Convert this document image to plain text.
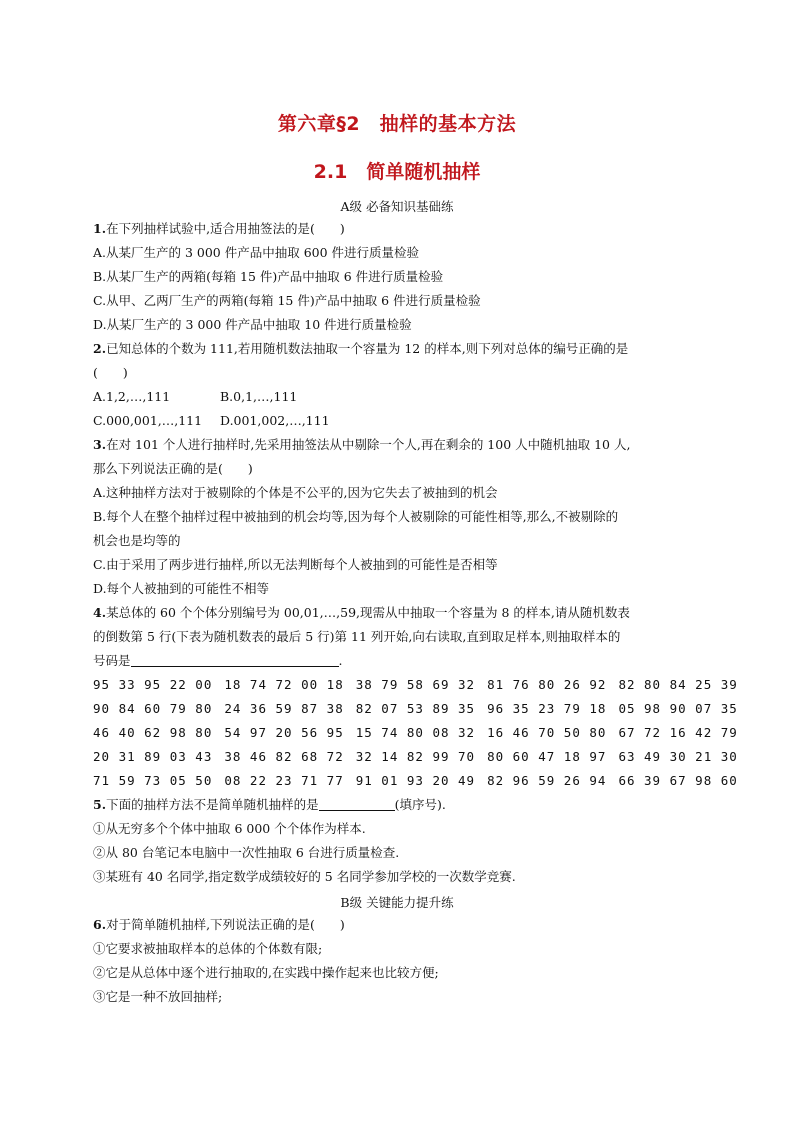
第六章§2　抽样的基本方法
2.1　简单随机抽样
A级 必备知识基础练
1.在下列抽样试验中,适合用抽签法的是(　　)
A.从某厂生产的 3 000 件产品中抽取 600 件进行质量检验
B.从某厂生产的两箱(每箱 15 件)产品中抽取 6 件进行质量检验
C.从甲、乙两厂生产的两箱(每箱 15 件)产品中抽取 6 件进行质量检验
D.从某厂生产的 3 000 件产品中抽取 10 件进行质量检验
2.已知总体的个数为 111,若用随机数法抽取一个容量为 12 的样本,则下列对总体的编号正确的是
(　　)
A.1,2,…,111	B.0,1,…,111
C.000,001,…,111 D.001,002,…,111
3.在对 101 个人进行抽样时,先采用抽签法从中剔除一个人,再在剩余的 100 人中随机抽取 10 人,
那么下列说法正确的是(　　)
A.这种抽样方法对于被剔除的个体是不公平的,因为它失去了被抽到的机会
B.每个人在整个抽样过程中被抽到的机会均等,因为每个人被剔除的可能性相等,那么,不被剔除的
机会也是均等的
C.由于采用了两步进行抽样,所以无法判断每个人被抽到的可能性是否相等
D.每个人被抽到的可能性不相等
4.某总体的 60 个个体分别编号为 00,01,…,59,现需从中抽取一个容量为 8 的样本,请从随机数表
的倒数第 5 行(下表为随机数表的最后 5 行)第 11 列开始,向右读取,直到取足样本,则抽取样本的
号码是	.
95 33 95 22 00 18 74 72 00 18 38 79 58 69 32 81 76 80 26 92 82 80 84 25 39
90 84 60 79 80 24 36 59 87 38 82 07 53 89 35 96 35 23 79 18 05 98 90 07 35
46 40 62 98 80 54 97 20 56 95 15 74 80 08 32 16 46 70 50 80 67 72 16 42 79
20 31 89 03 43 38 46 82 68 72 32 14 82 99 70 80 60 47 18 97 63 49 30 21 30
71 59 73 05 50 08 22 23 71 77 91 01 93 20 49 82 96 59 26 94 66 39 67 98 60
5.下面的抽样方法不是简单随机抽样的是	(填序号).
①从无穷多个个体中抽取 6 000 个个体作为样本.
②从 80 台笔记本电脑中一次性抽取 6 台进行质量检查.
③某班有 40 名同学,指定数学成绩较好的 5 名同学参加学校的一次数学竞赛.
B级 关键能力提升练
6.对于简单随机抽样,下列说法正确的是(　　)
①它要求被抽取样本的总体的个体数有限;
②它是从总体中逐个进行抽取的,在实践中操作起来也比较方便;
③它是一种不放回抽样;
